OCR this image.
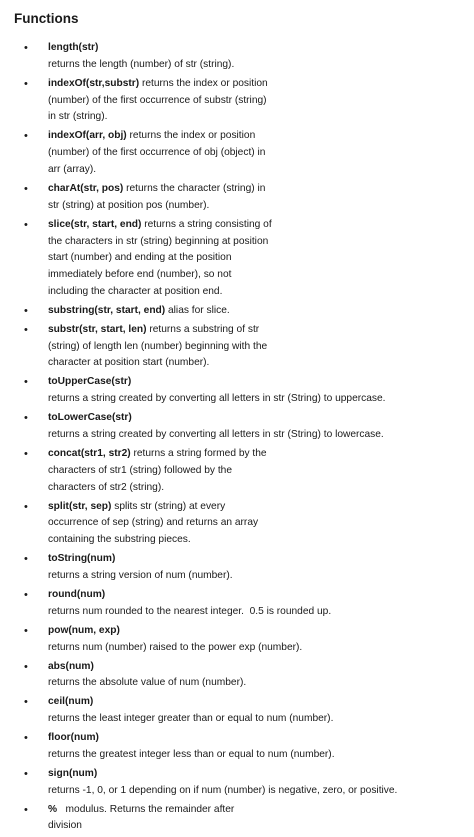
Functions
• length(str)
returns the length (number) of str (string).
• indexOf(str,substr) returns the index or position (number) of the first occurrence of substr (string) in str (string).
• indexOf(arr, obj) returns the index or position (number) of the first occurrence of obj (object) in arr (array).
• charAt(str, pos) returns the character (string) in str (string) at position pos (number).
• slice(str, start, end) returns a string consisting of the characters in str (string) beginning at position start (number) and ending at the position immediately before end (number), so not including the character at position end.
• substring(str, start, end) alias for slice.
• substr(str, start, len) returns a substring of str (string) of length len (number) beginning with the character at position start (number).
• toUpperCase(str)
returns a string created by converting all letters in str (String) to uppercase.
• toLowerCase(str)
returns a string created by converting all letters in str (String) to lowercase.
• concat(str1, str2) returns a string formed by the characters of str1 (string) followed by the characters of str2 (string).
• split(str, sep) splits str (string) at every occurrence of sep (string) and returns an array containing the substring pieces.
• toString(num)
returns a string version of num (number).
• round(num)
returns num rounded to the nearest integer.  0.5 is rounded up.
• pow(num, exp)
returns num (number) raised to the power exp (number).
• abs(num)
returns the absolute value of num (number).
• ceil(num)
returns the least integer greater than or equal to num (number).
• floor(num)
returns the greatest integer less than or equal to num (number).
• sign(num)
returns -1, 0, or 1 depending on if num (number) is negative, zero, or positive.
• %   modulus. Returns the remainder after division
